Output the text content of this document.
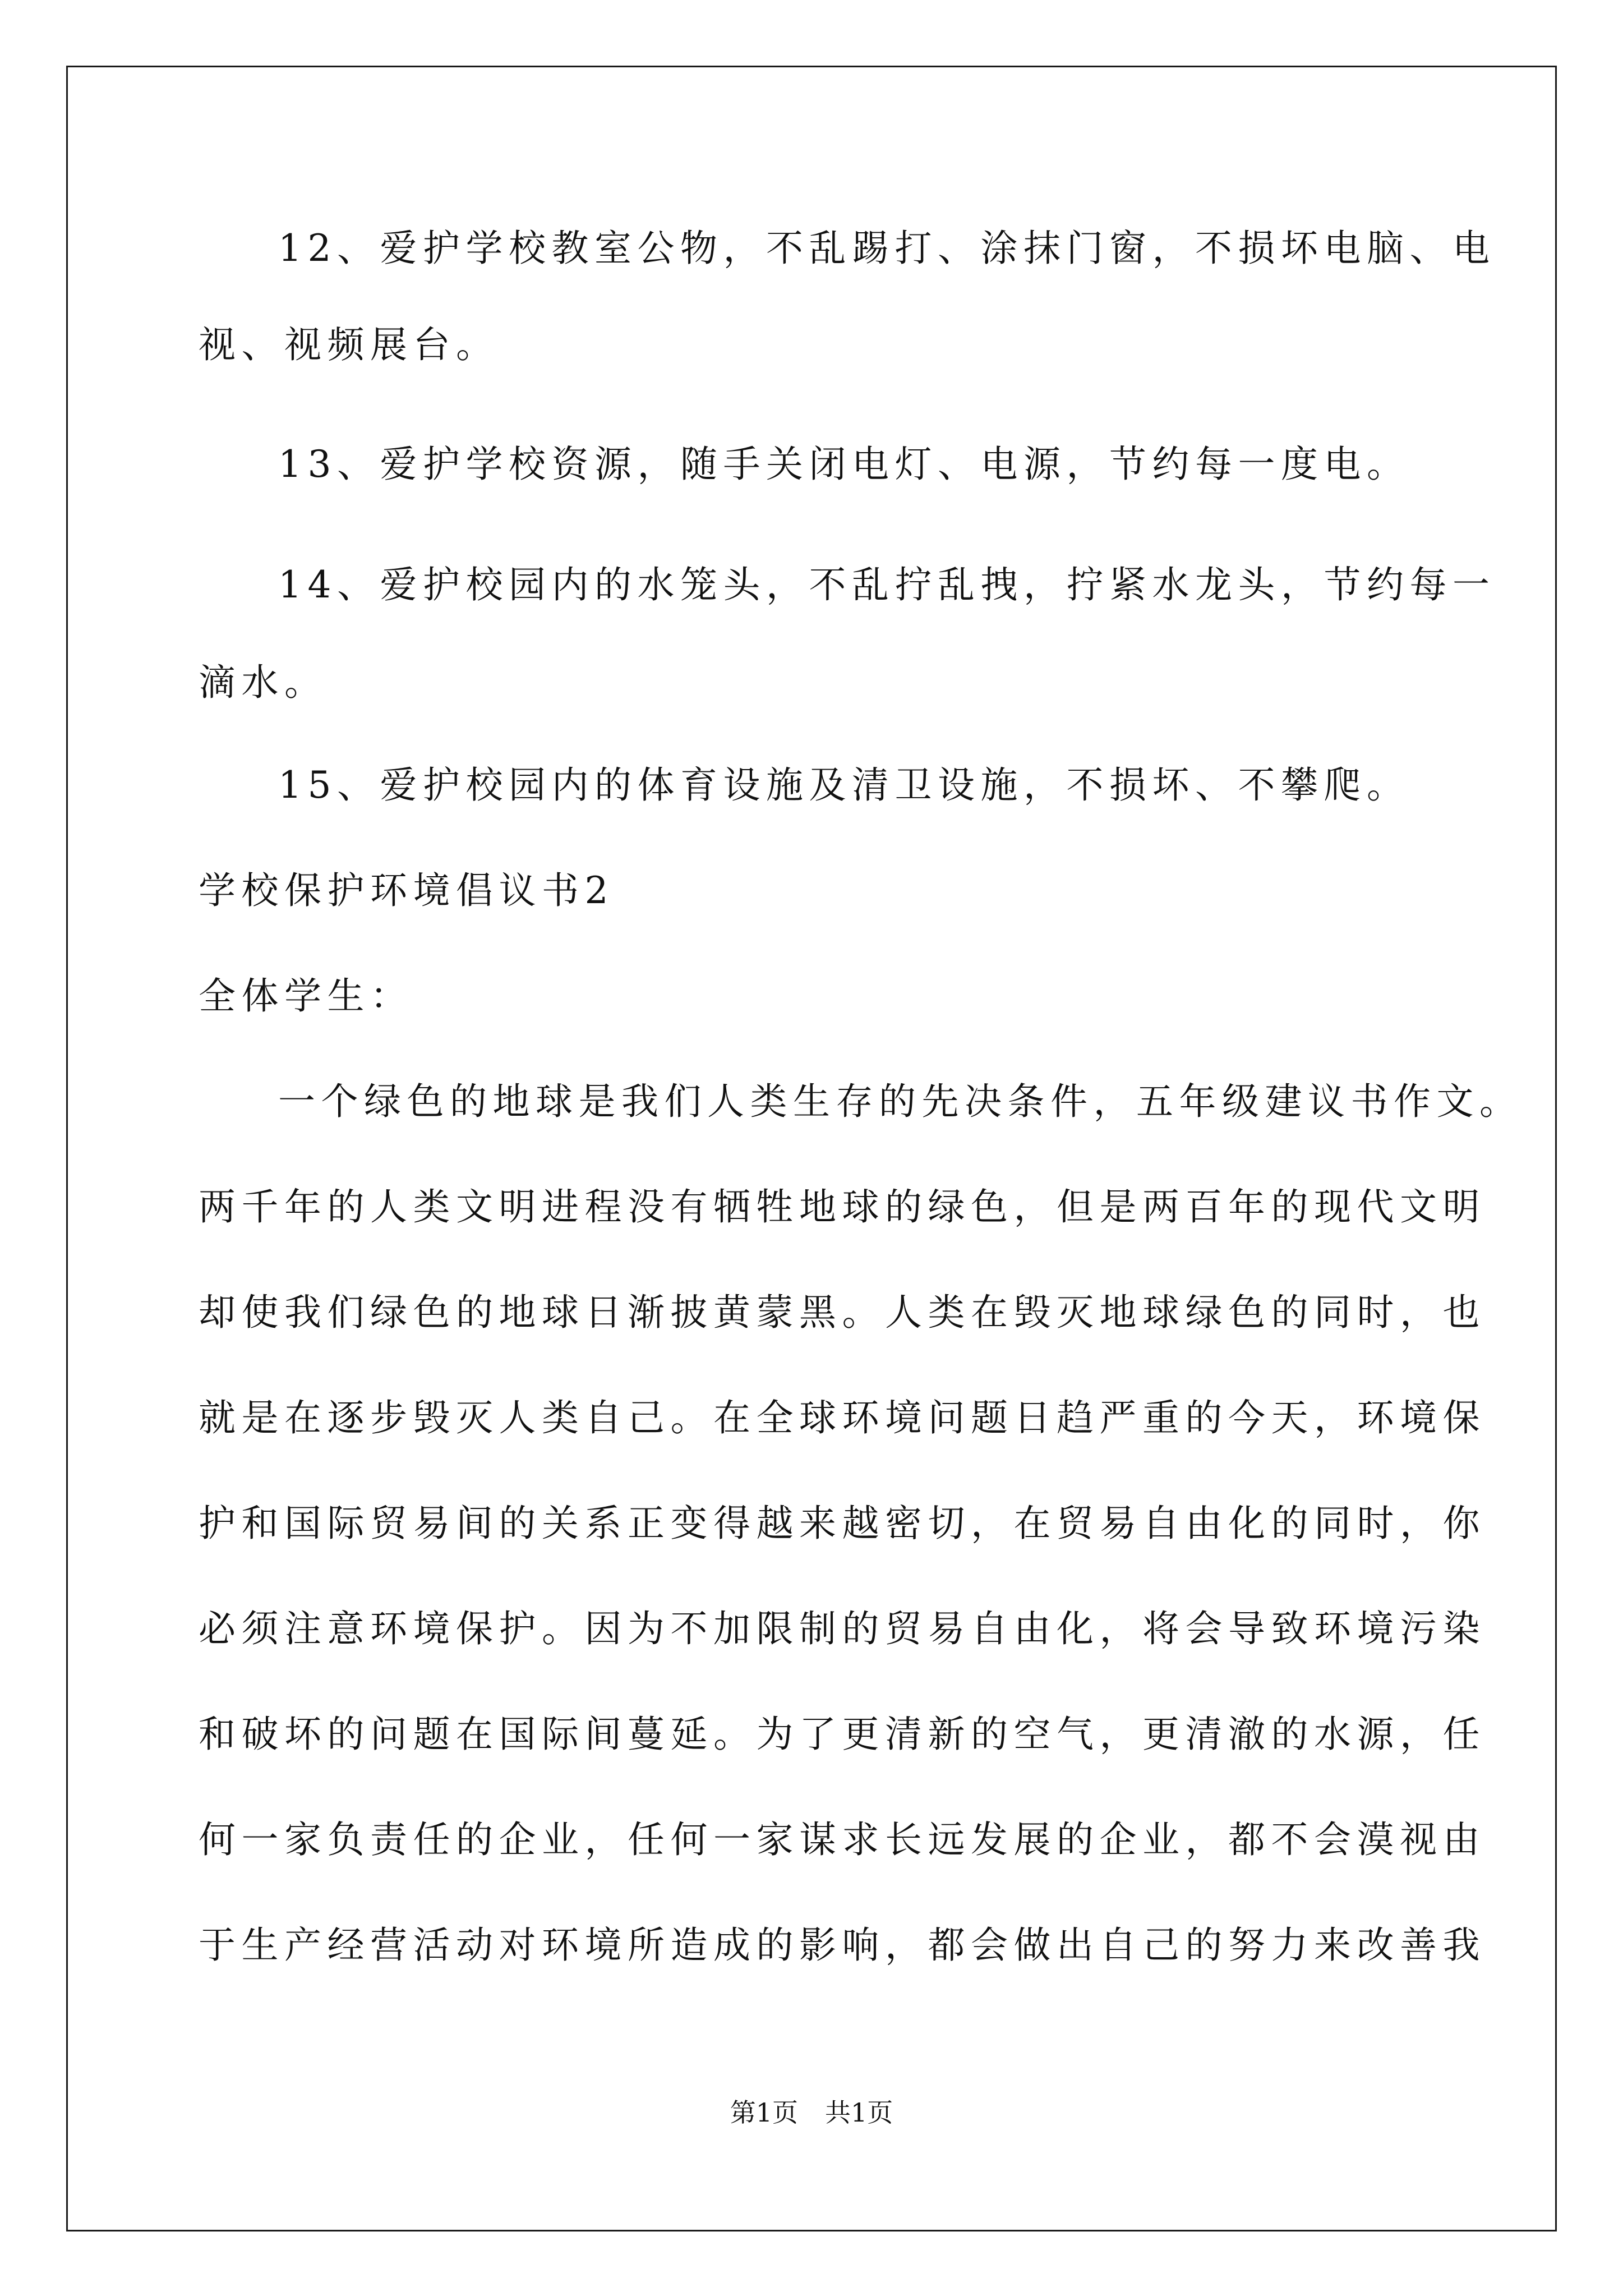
12、爱护学校教室公物，不乱踢打、涂抹门窗，不损坏电脑、电

视、视频展台。

13、爱护学校资源，随手关闭电灯、电源，节约每一度电。

14、爱护校园内的水笼头，不乱拧乱拽，拧紧水龙头，节约每一

滴水。

15、爱护校园内的体育设施及清卫设施，不损坏、不攀爬。

学校保护环境倡议书2

全体学生：

一个绿色的地球是我们人类生存的先决条件，五年级建议书作文。

两千年的人类文明进程没有牺牲地球的绿色，但是两百年的现代文明

却使我们绿色的地球日渐披黄蒙黑。人类在毁灭地球绿色的同时，也

就是在逐步毁灭人类自己。在全球环境问题日趋严重的今天，环境保

护和国际贸易间的关系正变得越来越密切，在贸易自由化的同时，你

必须注意环境保护。因为不加限制的贸易自由化，将会导致环境污染

和破坏的问题在国际间蔓延。为了更清新的空气，更清澈的水源，任

何一家负责任的企业，任何一家谋求长远发展的企业，都不会漠视由

于生产经营活动对环境所造成的影响，都会做出自己的努力来改善我

第1页 共1页
